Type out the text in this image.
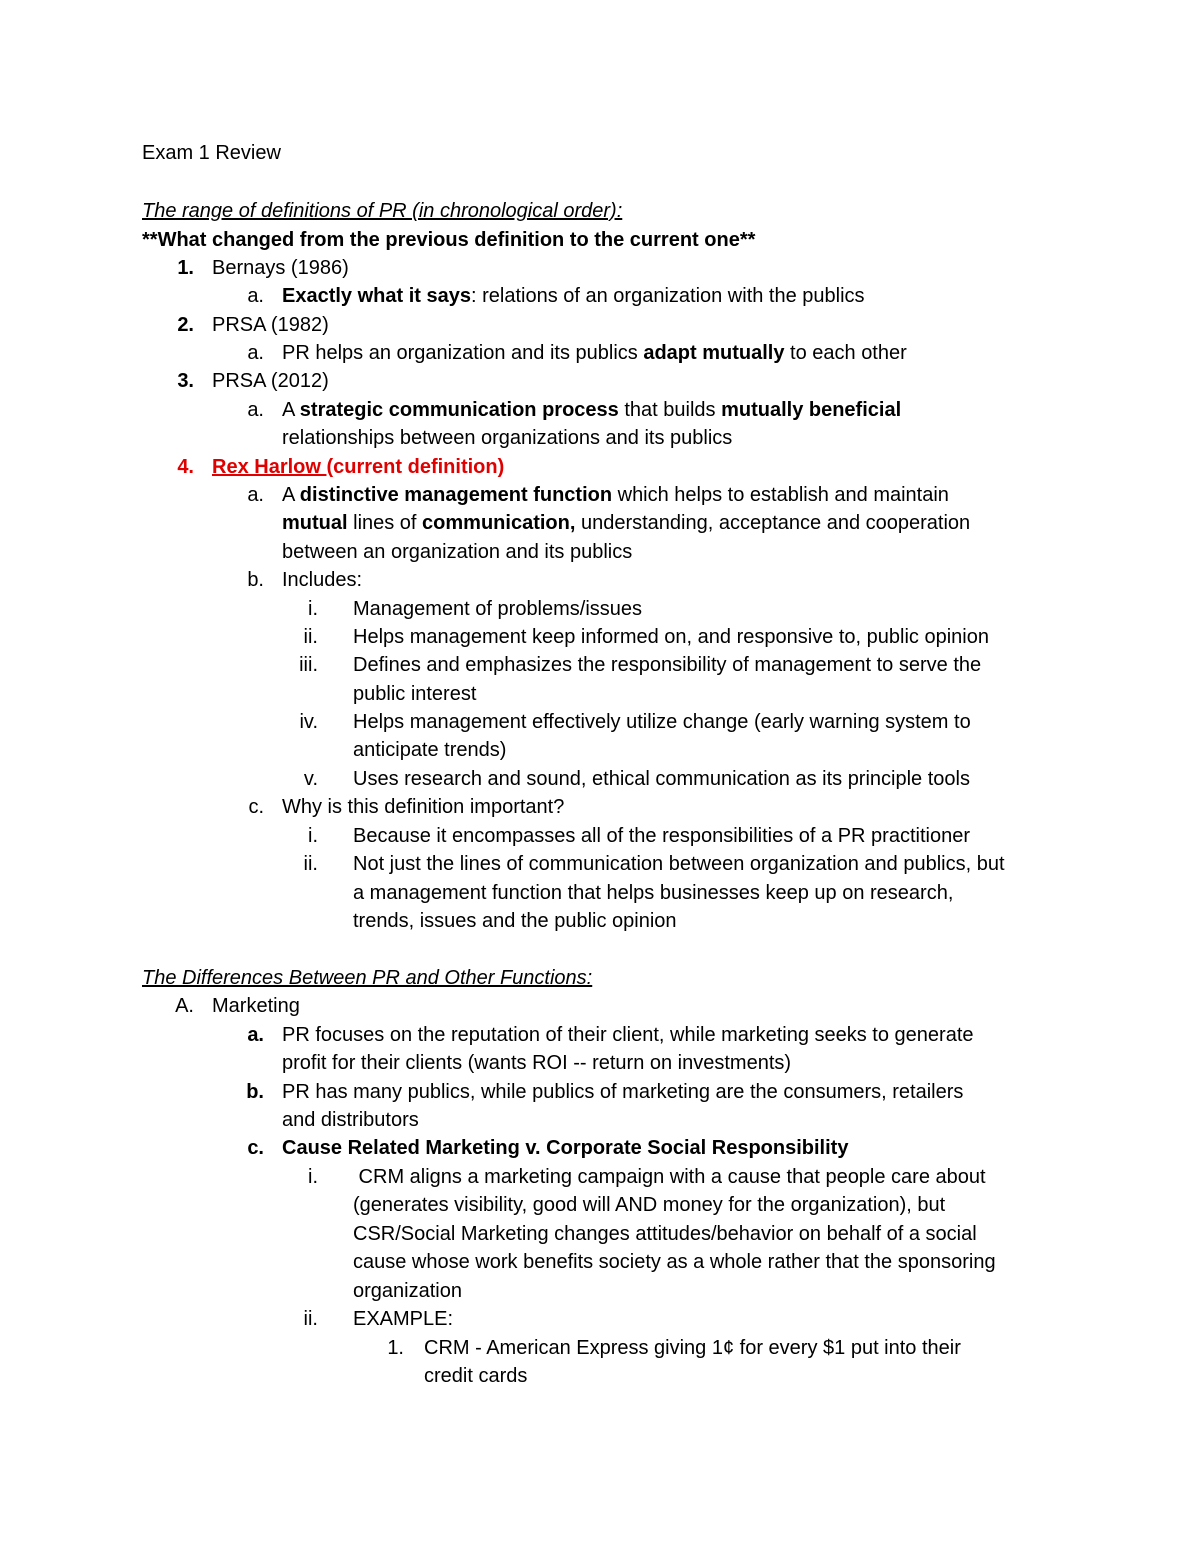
Exam 1 Review
The range of definitions of PR (in chronological order):
**What changed from the previous definition to the current one**
1. Bernays (1986)
a. Exactly what it says: relations of an organization with the publics
2. PRSA (1982)
a. PR helps an organization and its publics adapt mutually to each other
3. PRSA (2012)
a. A strategic communication process that builds mutually beneficial
relationships between organizations and its publics
4. Rex Harlow (current definition)
a. A distinctive management function which helps to establish and maintain
mutual lines of communication, understanding, acceptance and cooperation
between an organization and its publics
b. Includes:
i. Management of problems/issues
ii. Helps management keep informed on, and responsive to, public opinion
iii. Defines and emphasizes the responsibility of management to serve the
public interest
iv. Helps management effectively utilize change (early warning system to
anticipate trends)
v. Uses research and sound, ethical communication as its principle tools
c. Why is this definition important?
i. Because it encompasses all of the responsibilities of a PR practitioner
ii. Not just the lines of communication between organization and publics, but
a management function that helps businesses keep up on research,
trends, issues and the public opinion
The Differences Between PR and Other Functions:
A. Marketing
a. PR focuses on the reputation of their client, while marketing seeks to generate
profit for their clients (wants ROI -- return on investments)
b. PR has many publics, while publics of marketing are the consumers, retailers
and distributors
c. Cause Related Marketing v. Corporate Social Responsibility
i. CRM aligns a marketing campaign with a cause that people care about
(generates visibility, good will AND money for the organization), but
CSR/Social Marketing changes attitudes/behavior on behalf of a social
cause whose work benefits society as a whole rather that the sponsoring
organization
ii. EXAMPLE:
1. CRM - American Express giving 1¢ for every $1 put into their
credit cards
